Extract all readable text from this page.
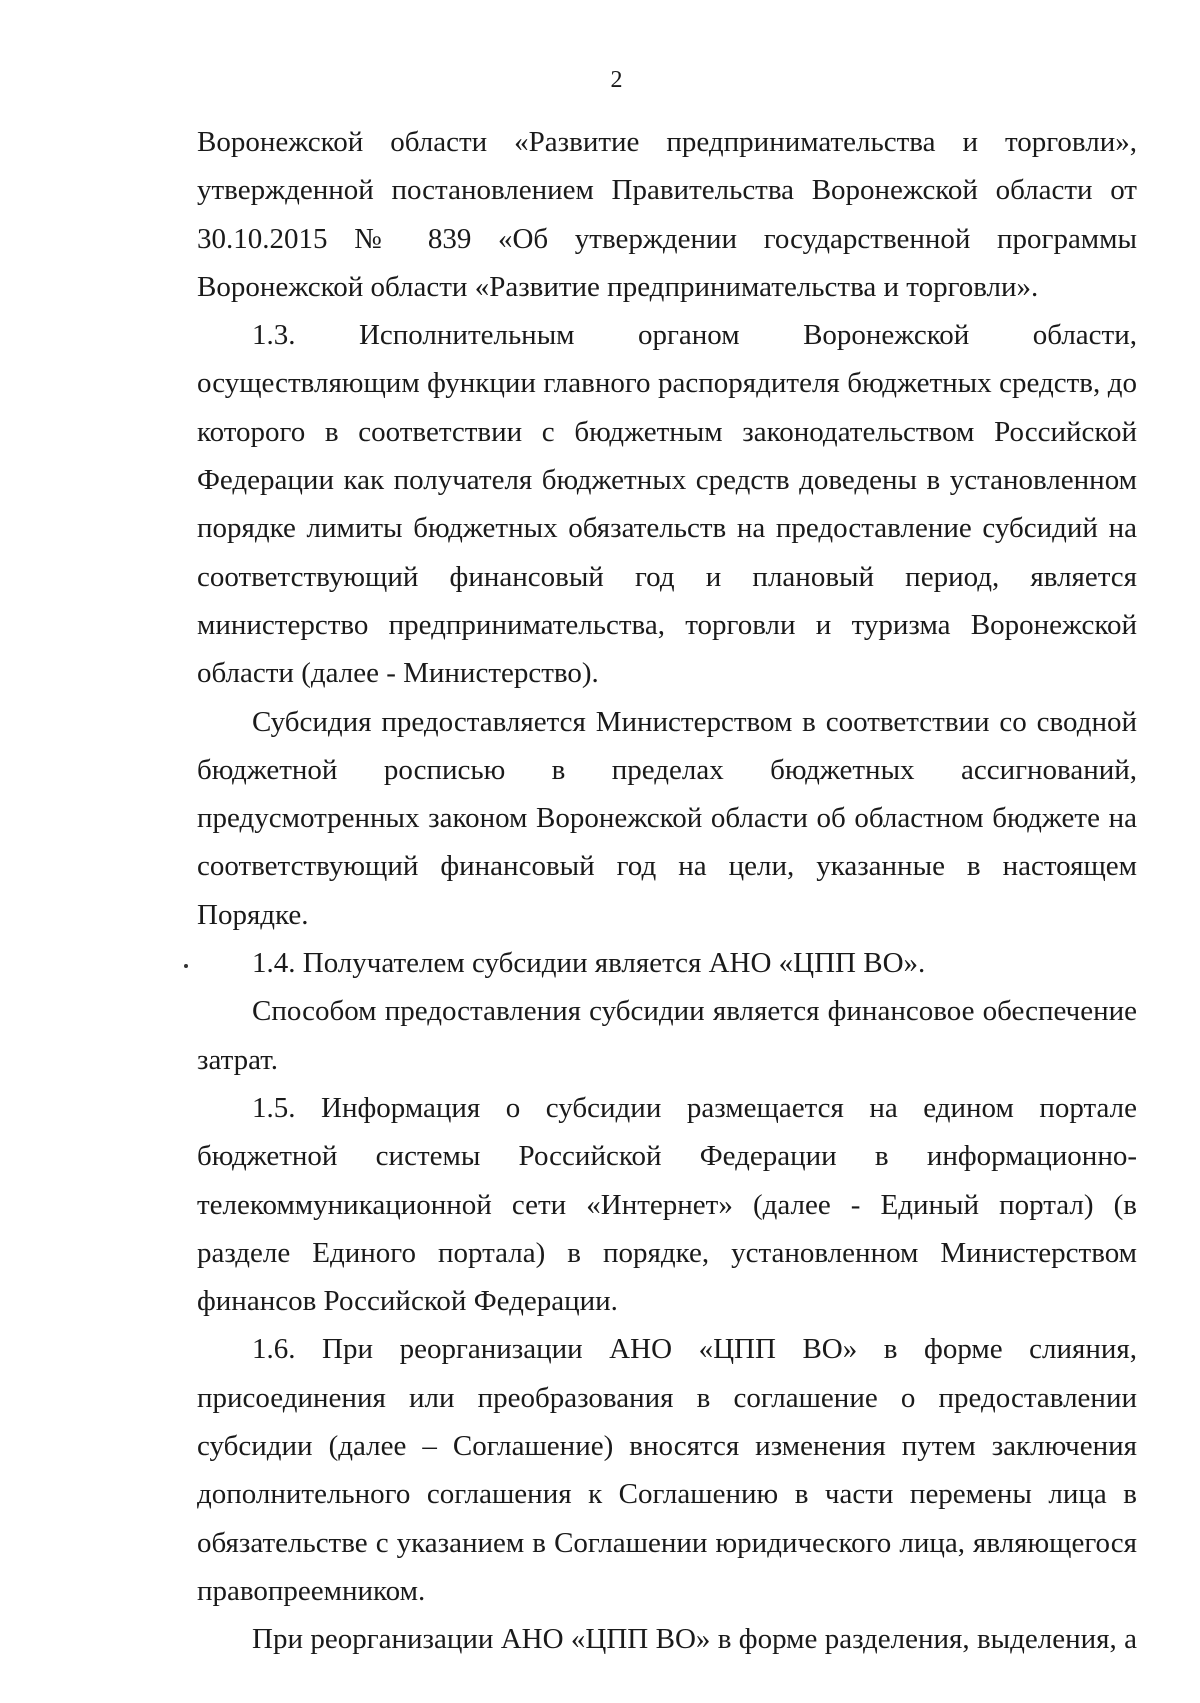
2

Воронежской области «Развитие предпринимательства и торговли», утвержденной постановлением Правительства Воронежской области от 30.10.2015 № 839 «Об утверждении государственной программы Воронежской области «Развитие предпринимательства и торговли».

1.3. Исполнительным органом Воронежской области, осуществляющим функции главного распорядителя бюджетных средств, до которого в соответствии с бюджетным законодательством Российской Федерации как получателя бюджетных средств доведены в установленном порядке лимиты бюджетных обязательств на предоставление субсидий на соответствующий финансовый год и плановый период, является министерство предпринимательства, торговли и туризма Воронежской области (далее - Министерство).

Субсидия предоставляется Министерством в соответствии со сводной бюджетной росписью в пределах бюджетных ассигнований, предусмотренных законом Воронежской области об областном бюджете на соответствующий финансовый год на цели, указанные в настоящем Порядке.

1.4. Получателем субсидии является АНО «ЦПП ВО».

Способом предоставления субсидии является финансовое обеспечение затрат.

1.5. Информация о субсидии размещается на едином портале бюджетной системы Российской Федерации в информационно-телекоммуникационной сети «Интернет» (далее - Единый портал) (в разделе Единого портала) в порядке, установленном Министерством финансов Российской Федерации.

1.6. При реорганизации АНО «ЦПП ВО» в форме слияния, присоединения или преобразования в соглашение о предоставлении субсидии (далее – Соглашение) вносятся изменения путем заключения дополнительного соглашения к Соглашению в части перемены лица в обязательстве с указанием в Соглашении юридического лица, являющегося правопреемником.

При реорганизации АНО «ЦПП ВО» в форме разделения, выделения, а
